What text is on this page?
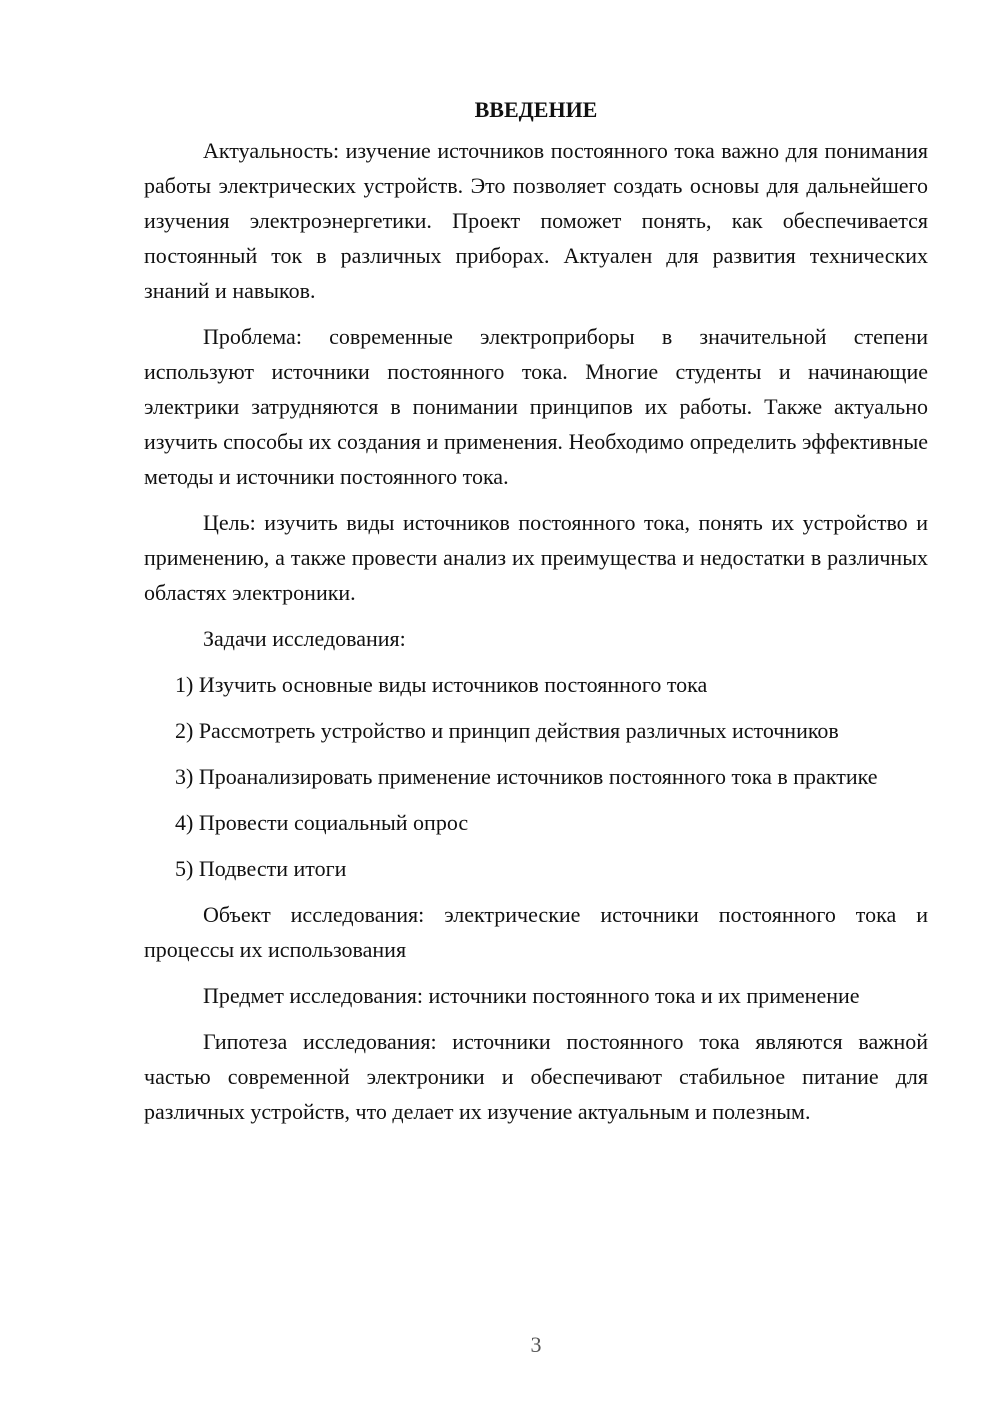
ВВЕДЕНИЕ

Актуальность: изучение источников постоянного тока важно для понимания работы электрических устройств. Это позволяет создать основы для дальнейшего изучения электроэнергетики. Проект поможет понять, как обеспечивается постоянный ток в различных приборах. Актуален для развития технических знаний и навыков.

Проблема: современные электроприборы в значительной степени используют источники постоянного тока. Многие студенты и начинающие электрики затрудняются в понимании принципов их работы. Также актуально изучить способы их создания и применения. Необходимо определить эффективные методы и источники постоянного тока.

Цель: изучить виды источников постоянного тока, понять их устройство и применению, а также провести анализ их преимущества и недостатки в различных областях электроники.

Задачи исследования:

1) Изучить основные виды источников постоянного тока

2) Рассмотреть устройство и принцип действия различных источников

3) Проанализировать применение источников постоянного тока в практике

4) Провести социальный опрос

5) Подвести итоги

Объект исследования: электрические источники постоянного тока и процессы их использования

Предмет исследования: источники постоянного тока и их применение

Гипотеза исследования: источники постоянного тока являются важной частью современной электроники и обеспечивают стабильное питание для различных устройств, что делает их изучение актуальным и полезным.

3
